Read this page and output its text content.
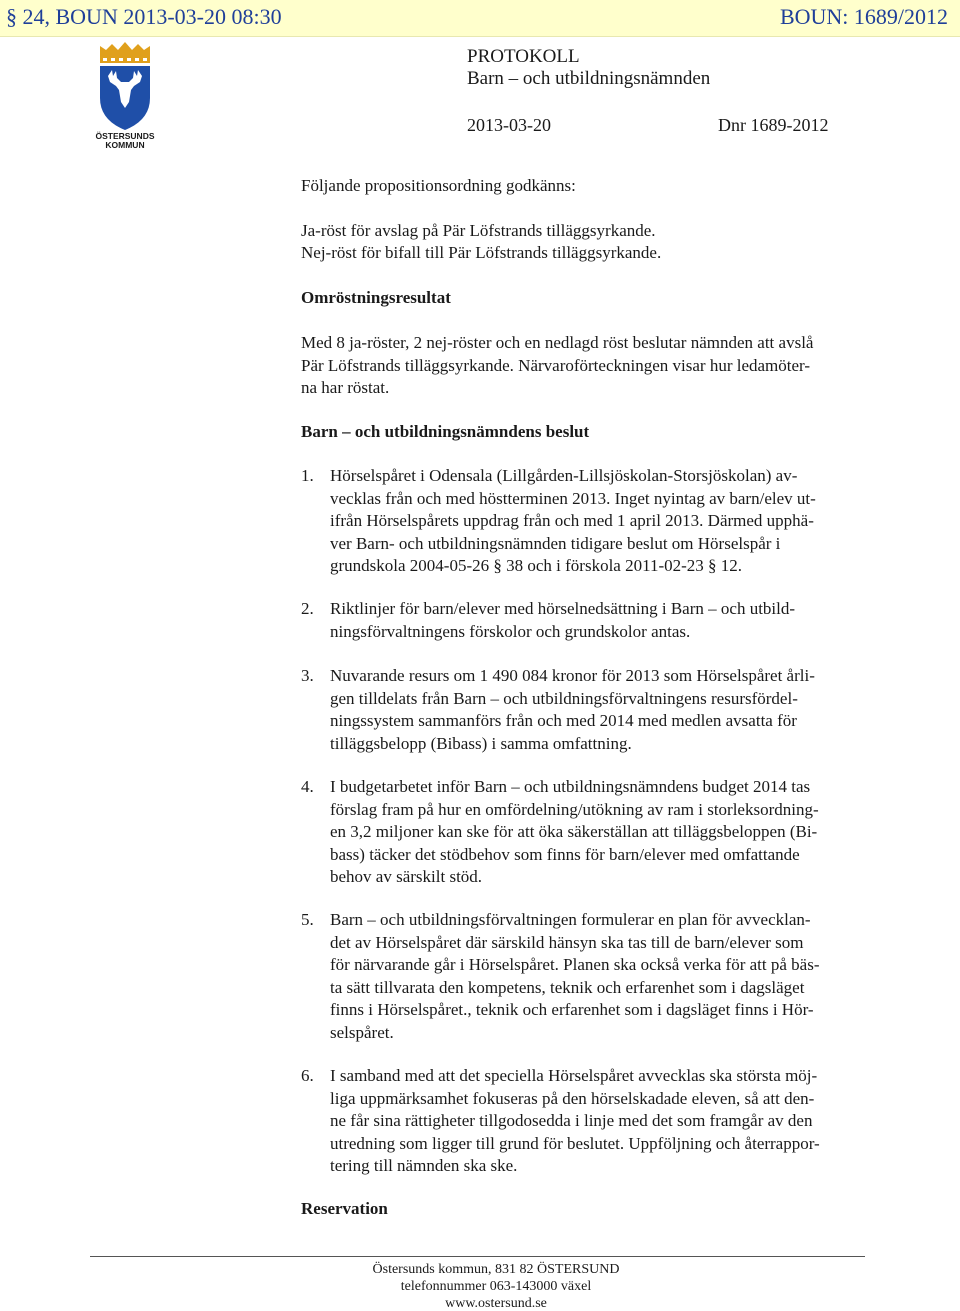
§ 24, BOUN 2013-03-20 08:30	BOUN: 1689/2012
ÖSTERSUNDS
KOMMUN
PROTOKOLL
Barn – och utbildningsnämnden
2013-03-20	Dnr 1689-2012

Följande propositionsordning godkänns:

Ja-röst för avslag på Pär Löfstrands tilläggsyrkande.

Nej-röst för bifall till Pär Löfstrands tilläggsyrkande.

Omröstningsresultat

Med 8 ja-röster, 2 nej-röster och en nedlagd röst beslutar nämnden att avslå
Pär Löfstrands tilläggsyrkande. Närvaroförteckningen visar hur ledamöter-
na har röstat.

Barn – och utbildningsnämndens beslut

1. Hörselspåret i Odensala (Lillgården-Lillsjöskolan-Storsjöskolan) av-
vecklas från och med höstterminen 2013. Inget nyintag av barn/elev ut-
ifrån Hörselspårets uppdrag från och med 1 april 2013. Därmed upphä-
ver Barn- och utbildningsnämnden tidigare beslut om Hörselspår i
grundskola 2004-05-26 § 38 och i förskola 2011-02-23 § 12.
2. Riktlinjer för barn/elever med hörselnedsättning i Barn – och utbild-
ningsförvaltningens förskolor och grundskolor antas.
3. Nuvarande resurs om 1 490 084 kronor för 2013 som Hörselspåret årli-
gen tilldelats från Barn – och utbildningsförvaltningens resursfördel-
ningssystem sammanförs från och med 2014 med medlen avsatta för
tilläggsbelopp (Bibass) i samma omfattning.
4. I budgetarbetet inför Barn – och utbildningsnämndens budget 2014 tas
förslag fram på hur en omfördelning/utökning av ram i storleksordning-
en 3,2 miljoner kan ske för att öka säkerställan att tilläggsbeloppen (Bi-
bass) täcker det stödbehov som finns för barn/elever med omfattande
behov av särskilt stöd.
5. Barn – och utbildningsförvaltningen formulerar en plan för avvecklan-
det av Hörselspåret där särskild hänsyn ska tas till de barn/elever som
för närvarande går i Hörselspåret. Planen ska också verka för att på bäs-
ta sätt tillvarata den kompetens, teknik och erfarenhet som i dagsläget
finns i Hörselspåret., teknik och erfarenhet som i dagsläget finns i Hör-
selspåret.
6. I samband med att det speciella Hörselspåret avvecklas ska största möj-
liga uppmärksamhet fokuseras på den hörselskadade eleven, så att den-
ne får sina rättigheter tillgodosedda i linje med det som framgår av den
utredning som ligger till grund för beslutet. Uppföljning och återrappor-
tering till nämnden ska ske.

Reservation

Östersunds kommun, 831 82 ÖSTERSUND
telefonnummer 063-143000 växel
www.ostersund.se
